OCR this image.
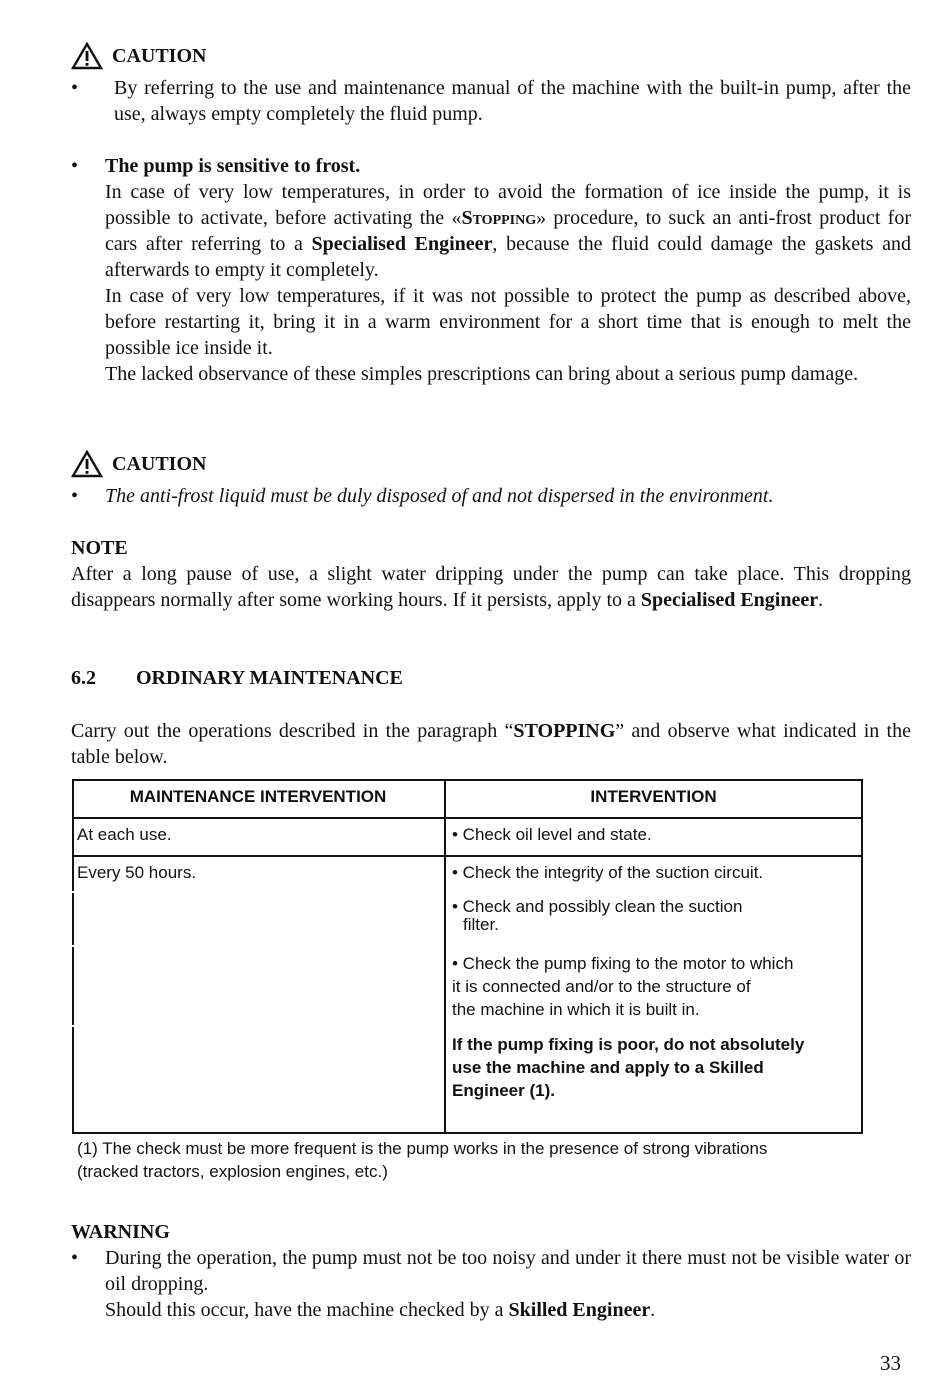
CAUTION
• By referring to the use and maintenance manual of the machine with the built-in pump, after the use, always empty completely the fluid pump.
• The pump is sensitive to frost.
In case of very low temperatures, in order to avoid the formation of ice inside the pump, it is possible to activate, before activating the «Stopping» procedure, to suck an anti-frost product for cars after referring to a Specialised Engineer, because the fluid could damage the gaskets and afterwards to empty it completely.
In case of very low temperatures, if it was not possible to protect the pump as described above, before restarting it, bring it in a warm environment for a short time that is enough to melt the possible ice inside it.
The lacked observance of these simples prescriptions can bring about a serious pump damage.
CAUTION
• The anti-frost liquid must be duly disposed of and not dispersed in the environment.
NOTE
After a long pause of use, a slight water dripping under the pump can take place. This dropping disappears normally after some working hours. If it persists, apply to a Specialised Engineer.
6.2 ORDINARY MAINTENANCE
Carry out the operations described in the paragraph “STOPPING” and observe what indicated in the table below.
MAINTENANCE INTERVENTION	INTERVENTION
At each use.	• Check oil level and state.
Every 50 hours.	• Check the integrity of the suction circuit.
• Check and possibly clean the suction
filter.
• Check the pump fixing to the motor to which
it is connected and/or to the structure of
the machine in which it is built in.
If the pump fixing is poor, do not absolutely
use the machine and apply to a Skilled
Engineer (1).
(1) The check must be more frequent is the pump works in the presence of strong vibrations
(tracked tractors, explosion engines, etc.)
WARNING
• During the operation, the pump must not be too noisy and under it there must not be visible water or oil dropping.
Should this occur, have the machine checked by a Skilled Engineer.
33
